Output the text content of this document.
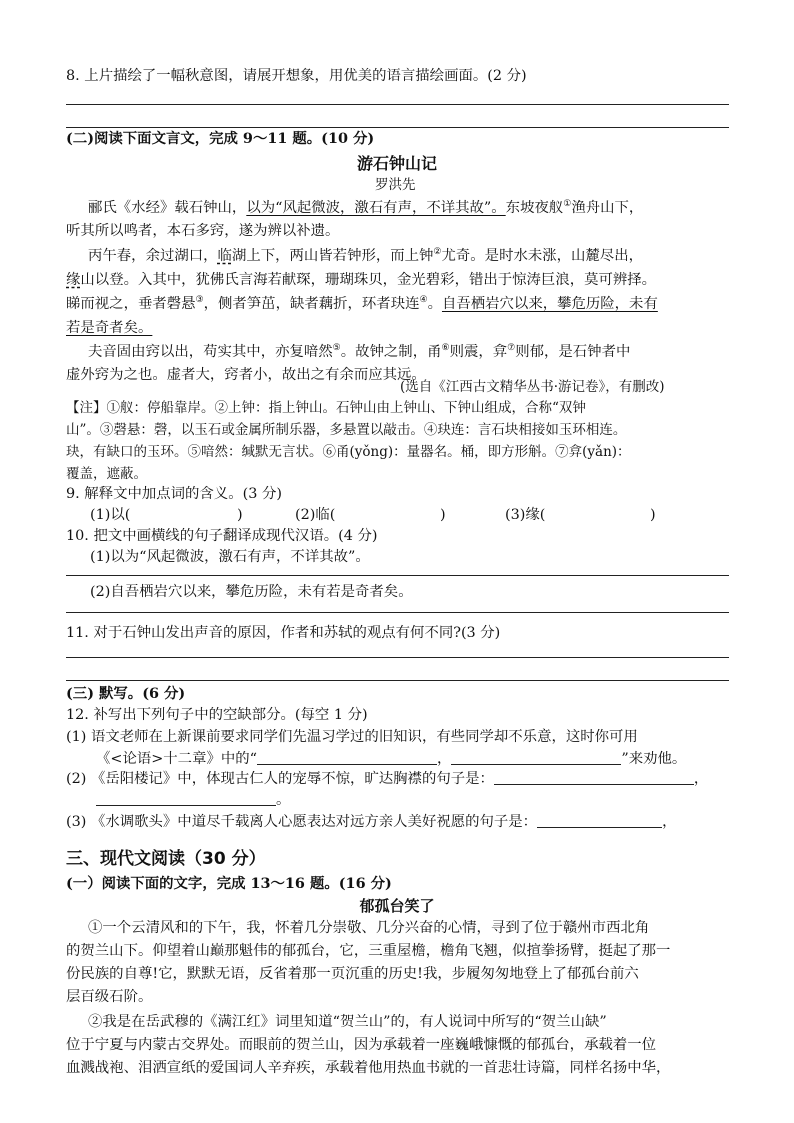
8. 上片描绘了一幅秋意图，请展开想象，用优美的语言描绘画面。(2 分)
(二)阅读下面文言文，完成 9～11 题。(10 分)
游石钟山记
罗洪先
郦氏《水经》载石钟山，以为“风起微波，激石有声，不详其故”。东坡夜舣①渔舟山下，
听其所以鸣者，本石多窍，遂为辨以补遗。
丙午春，余过湖口，临湖上下，两山皆若钟形，而上钟②尤奇。是时水未涨，山麓尽出，
缘山以登。入其中，犹佛氏言海若献琛，珊瑚珠贝，金光碧彩，错出于惊涛巨浪，莫可辨择。
睇而视之，垂者磬悬③，侧者笋茁，缺者藕折，环者玦连④。自吾栖岩穴以来，攀危历险，未有
若是奇者矣。
夫音固由窍以出，苟实其中，亦复喑然⑤。故钟之制，甬⑥则震，弇⑦则郁，是石钟者中
虚外窍为之也。虚者大，窍者小，故出之有余而应其远。
(选自《江西古文精华丛书·游记卷》，有删改)
【注】①舣：停船靠岸。②上钟：指上钟山。石钟山由上钟山、下钟山组成，合称“双钟
山”。③磬悬：磬，以玉石或金属所制乐器，多悬置以敲击。④玦连：言石块相接如玉环相连。
玦，有缺口的玉环。⑤喑然：缄默无言状。⑥甬(yǒng)：量器名。桶，即方形斛。⑦弇(yǎn)：
覆盖，遮蔽。
9. 解释文中加点词的含义。(3 分)
(1)以(	)	(2)临(	)	(3)缘(	)
10. 把文中画横线的句子翻译成现代汉语。(4 分)
(1)以为“风起微波，激石有声，不详其故”。
(2)自吾栖岩穴以来，攀危历险，未有若是奇者矣。
11. 对于石钟山发出声音的原因，作者和苏轼的观点有何不同?(3 分)
(三) 默写。(6 分)
12. 补写出下列句子中的空缺部分。(每空 1 分)
(1) 语文老师在上新课前要求同学们先温习学过的旧知识，有些同学却不乐意，这时你可用
《<论语>十二章》中的“	，	”来劝他。
(2) 《岳阳楼记》中，体现古仁人的宠辱不惊，旷达胸襟的句子是：	，
。
(3) 《水调歌头》中道尽千载离人心愿表达对远方亲人美好祝愿的句子是：	，
三、现代文阅读（30 分）
(一）阅读下面的文字，完成 13～16 题。(16 分)
郁孤台笑了
①一个云清风和的下午，我，怀着几分崇敬、几分兴奋的心情，寻到了位于赣州市西北角
的贺兰山下。仰望着山巅那魁伟的郁孤台，它，三重屋檐，檐角飞翘，似揎拳扬臂，挺起了那一
份民族的自尊!它，默默无语，反省着那一页沉重的历史!我，步履匆匆地登上了郁孤台前六
层百级石阶。
②我是在岳武穆的《满江红》词里知道“贺兰山”的，有人说词中所写的“贺兰山缺”
位于宁夏与内蒙古交界处。而眼前的贺兰山，因为承载着一座巍峨慷慨的郁孤台，承载着一位
血溅战袍、泪洒宣纸的爱国词人辛弃疾，承载着他用热血书就的一首悲壮诗篇，同样名扬中华，
